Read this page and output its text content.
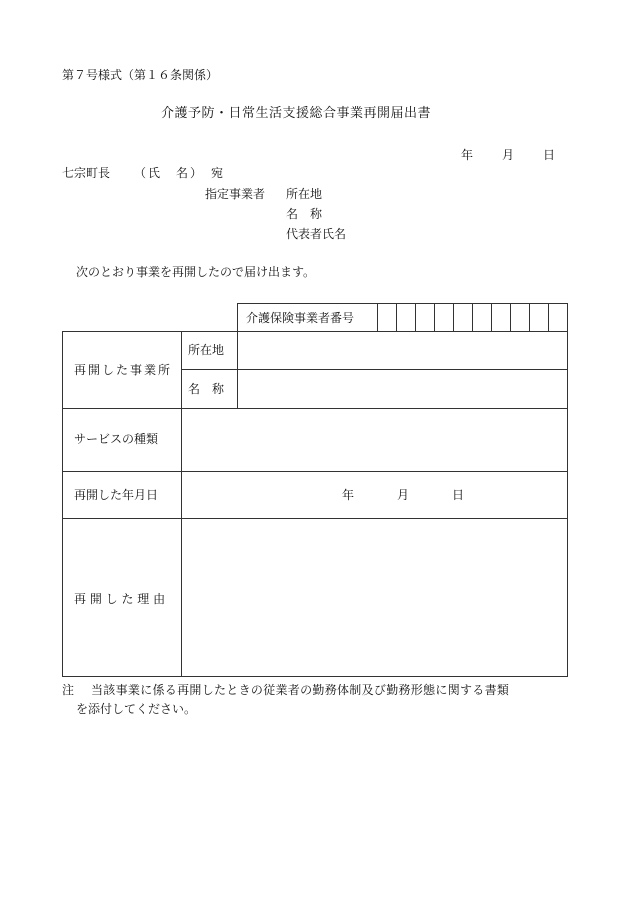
第７号様式（第１６条関係）
介護予防・日常生活支援総合事業再開届出書
年 月 日
七宗町長 （氏　名） 宛
指定事業者 所在地
名　称
代表者氏名
次のとおり事業を再開したので届け出ます。
介護保険事業者番号
再開した事業所
所在地
名　称
サービスの種類
再開した年月日	年	月	日
再 開 し た 理 由
注 当該事業に係る再開したときの従業者の勤務体制及び勤務形態に関する書類
を添付してください。
